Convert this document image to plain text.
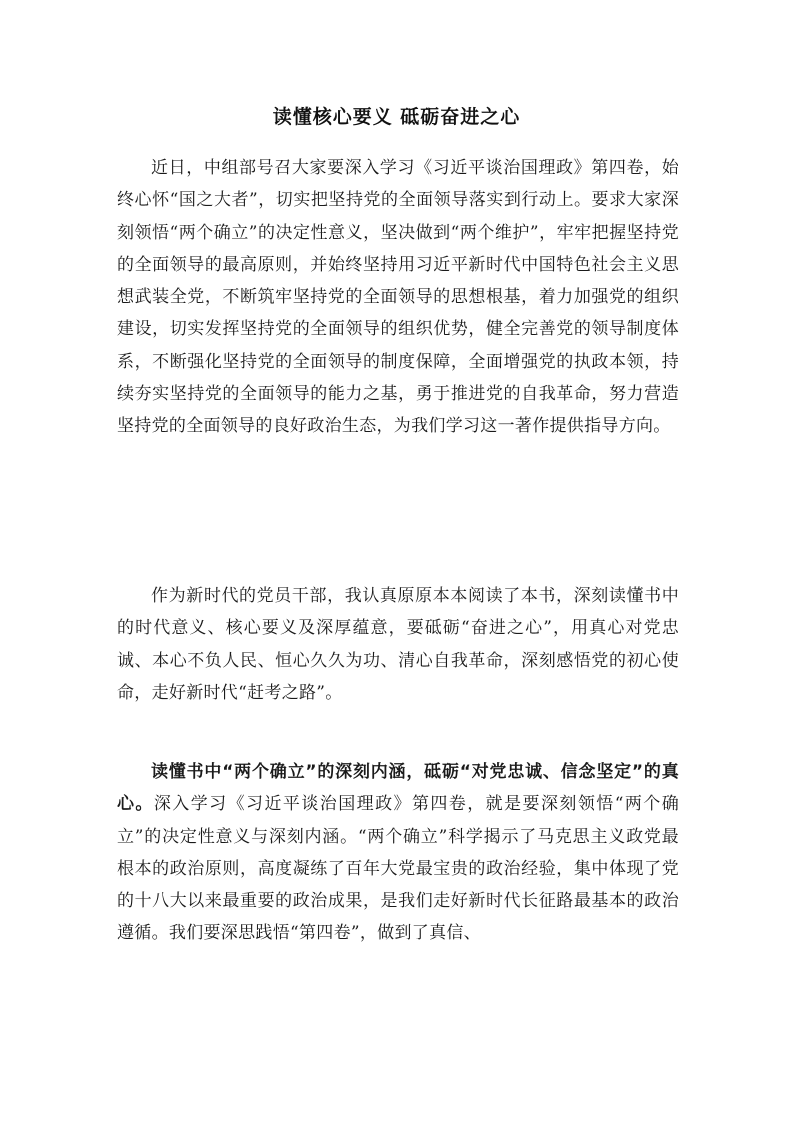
读懂核心要义 砥砺奋进之心

近日，中组部号召大家要深入学习《习近平谈治国理政》第四卷，始终心怀“国之大者”，切实把坚持党的全面领导落实到行动上。要求大家深刻领悟“两个确立”的决定性意义，坚决做到“两个维护”，牢牢把握坚持党的全面领导的最高原则，并始终坚持用习近平新时代中国特色社会主义思想武装全党，不断筑牢坚持党的全面领导的思想根基，着力加强党的组织建设，切实发挥坚持党的全面领导的组织优势，健全完善党的领导制度体系，不断强化坚持党的全面领导的制度保障，全面增强党的执政本领，持续夯实坚持党的全面领导的能力之基，勇于推进党的自我革命，努力营造坚持党的全面领导的良好政治生态，为我们学习这一著作提供指导方向。

作为新时代的党员干部，我认真原原本本阅读了本书，深刻读懂书中的时代意义、核心要义及深厚蕴意，要砥砺“奋进之心”，用真心对党忠诚、本心不负人民、恒心久久为功、清心自我革命，深刻感悟党的初心使命，走好新时代“赶考之路”。

读懂书中“两个确立”的深刻内涵，砥砺“对党忠诚、信念坚定”的真心。深入学习《习近平谈治国理政》第四卷，就是要深刻领悟“两个确立”的决定性意义与深刻内涵。“两个确立”科学揭示了马克思主义政党最根本的政治原则，高度凝练了百年大党最宝贵的政治经验，集中体现了党的十八大以来最重要的政治成果，是我们走好新时代长征路最基本的政治遵循。我们要深思践悟“第四卷”，做到了真信、
